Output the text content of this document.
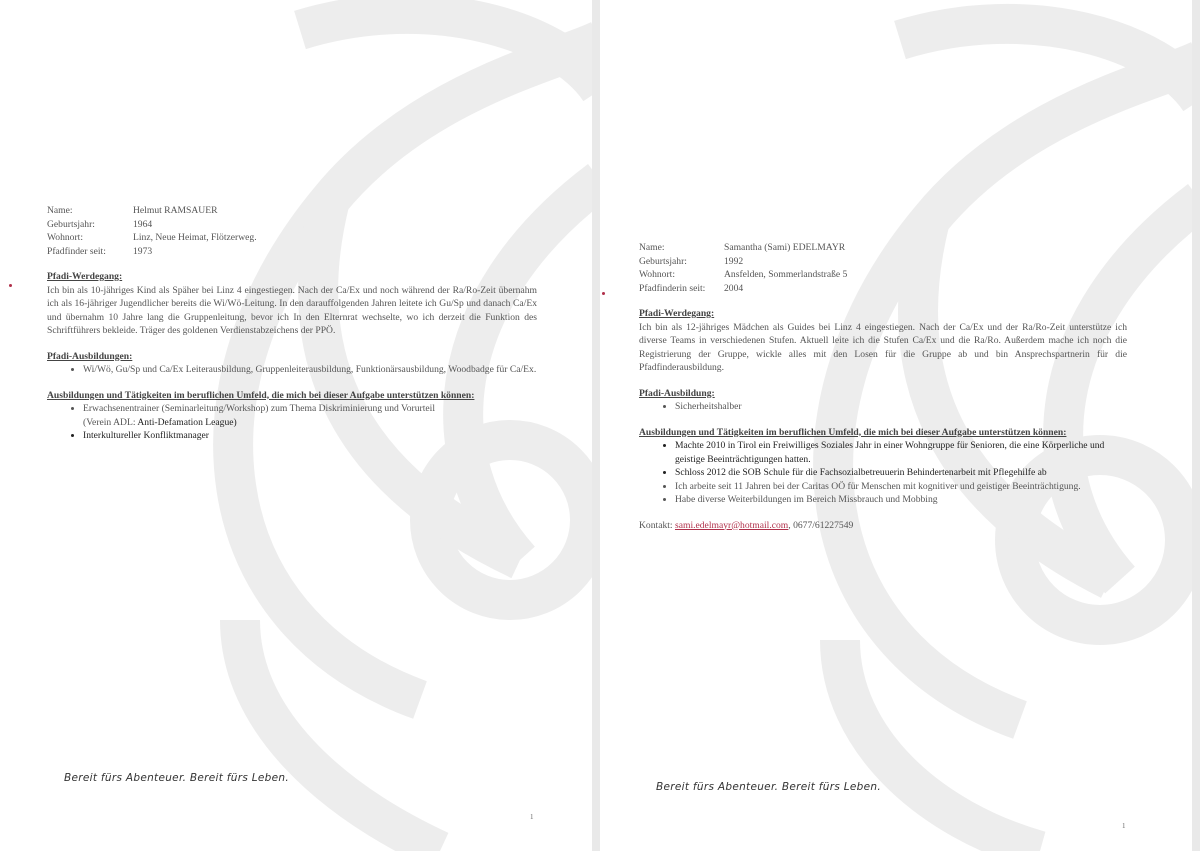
Name:	Helmut RAMSAUER
Geburtsjahr:	1964
Wohnort:	Linz, Neue Heimat, Flötzerweg.
Pfadfinder seit:	1973
Pfadi-Werdegang:
Ich bin als 10-jähriges Kind als Späher bei Linz 4 eingestiegen. Nach der Ca/Ex und noch während der Ra/Ro-Zeit übernahm ich als 16-jähriger Jugendlicher bereits die Wi/Wö-Leitung. In den darauffolgenden Jahren leitete ich Gu/Sp und danach Ca/Ex und übernahm 10 Jahre lang die Gruppenleitung, bevor ich In den Elternrat wechselte, wo ich derzeit die Funktion des Schriftführers bekleide. Träger des goldenen Verdienstabzeichens der PPÖ.
Pfadi-Ausbildungen:
• Wi/Wö, Gu/Sp und Ca/Ex Leiterausbildung, Gruppenleiterausbildung, Funktionärsausbildung, Woodbadge für Ca/Ex.
Ausbildungen und Tätigkeiten im beruflichen Umfeld, die mich bei dieser Aufgabe unterstützen können:
• Erwachsenentrainer (Seminarleitung/Workshop) zum Thema Diskriminierung und Vorurteil
(Verein ADL: Anti-Defamation League)
• Interkultureller Konfliktmanager
Bereit fürs Abenteuer. Bereit fürs Leben.
1
Name:	Samantha (Sami) EDELMAYR
Geburtsjahr:	1992
Wohnort:	Ansfelden, Sommerlandstraße 5
Pfadfinderin seit:	2004
Pfadi-Werdegang:
Ich bin als 12-jähriges Mädchen als Guides bei Linz 4 eingestiegen. Nach der Ca/Ex und der Ra/Ro-Zeit unterstütze ich diverse Teams in verschiedenen Stufen. Aktuell leite ich die Stufen Ca/Ex und die Ra/Ro. Außerdem mache ich noch die Registrierung der Gruppe, wickle alles mit den Losen für die Gruppe ab und bin Ansprechspartnerin für die Pfadfinderausbildung.
Pfadi-Ausbildung:
• Sicherheitshalber
Ausbildungen und Tätigkeiten im beruflichen Umfeld, die mich bei dieser Aufgabe unterstützen können:
• Machte 2010 in Tirol ein Freiwilliges Soziales Jahr in einer Wohngruppe für Senioren, die eine Körperliche und geistige Beeinträchtigungen hatten.
• Schloss 2012 die SOB Schule für die Fachsozialbetreuuerin Behindertenarbeit mit Pflegehilfe ab
• Ich arbeite seit 11 Jahren bei der Caritas OÖ für Menschen mit kognitiver und geistiger Beeinträchtigung.
• Habe diverse Weiterbildungen im Bereich Missbrauch und Mobbing
Kontakt: sami.edelmayr@hotmail.com, 0677/61227549
Bereit fürs Abenteuer. Bereit fürs Leben.
1
